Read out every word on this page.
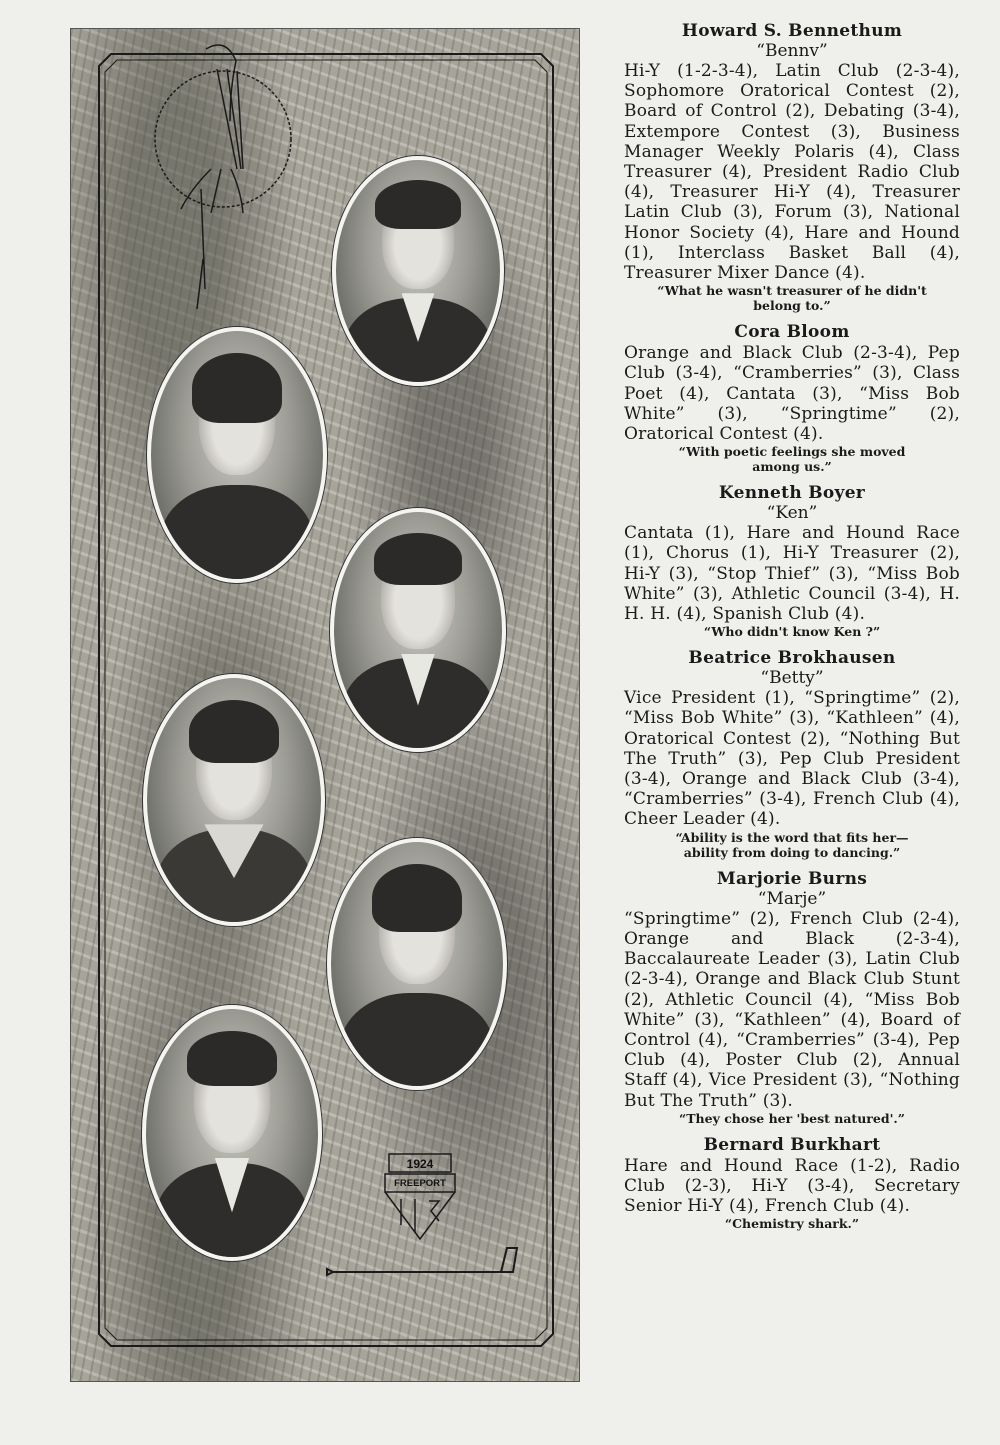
1924
FREEPORT
Howard S. Bennethum
“Bennv”
Hi-Y (1-2-3-4), Latin Club (2-3-4), Sophomore Oratorical Contest (2), Board of Control (2), Debating (3-4), Extempore Contest (3), Business Manager Weekly Polaris (4), Class Treasurer (4), President Radio Club (4), Treasurer Hi-Y (4), Treasurer Latin Club (3), Forum (3), National Honor Society (4), Hare and Hound (1), Interclass Basket Ball (4), Treasurer Mixer Dance (4).
“What he wasn't treasurer of he didn't belong to.”
Cora Bloom
Orange and Black Club (2-3-4), Pep Club (3-4), “Cramberries” (3), Class Poet (4), Cantata (3), “Miss Bob White” (3), “Springtime” (2), Oratorical Contest (4).
“With poetic feelings she moved among us.”
Kenneth Boyer
“Ken”
Cantata (1), Hare and Hound Race (1), Chorus (1), Hi-Y Treasurer (2), Hi-Y (3), “Stop Thief” (3), “Miss Bob White” (3), Athletic Council (3-4), H. H. H. (4), Spanish Club (4).
“Who didn't know Ken ?”
Beatrice Brokhausen
“Betty”
Vice President (1), “Springtime” (2), “Miss Bob White” (3), “Kathleen” (4), Oratorical Contest (2), “Nothing But The Truth” (3), Pep Club President (3-4), Orange and Black Club (3-4), “Cramberries” (3-4), French Club (4), Cheer Leader (4).
“Ability is the word that fits her—ability from doing to dancing.”
Marjorie Burns
“Marje”
“Springtime” (2), French Club (2-4), Orange and Black (2-3-4), Baccalaureate Leader (3), Latin Club (2-3-4), Orange and Black Club Stunt (2), Athletic Council (4), “Miss Bob White” (3), “Kathleen” (4), Board of Control (4), “Cramberries” (3-4), Pep Club (4), Poster Club (2), Annual Staff (4), Vice President (3), “Nothing But The Truth” (3).
“They chose her 'best natured'.”
Bernard Burkhart
Hare and Hound Race (1-2), Radio Club (2-3), Hi-Y (3-4), Secretary Senior Hi-Y (4), French Club (4).
“Chemistry shark.”
